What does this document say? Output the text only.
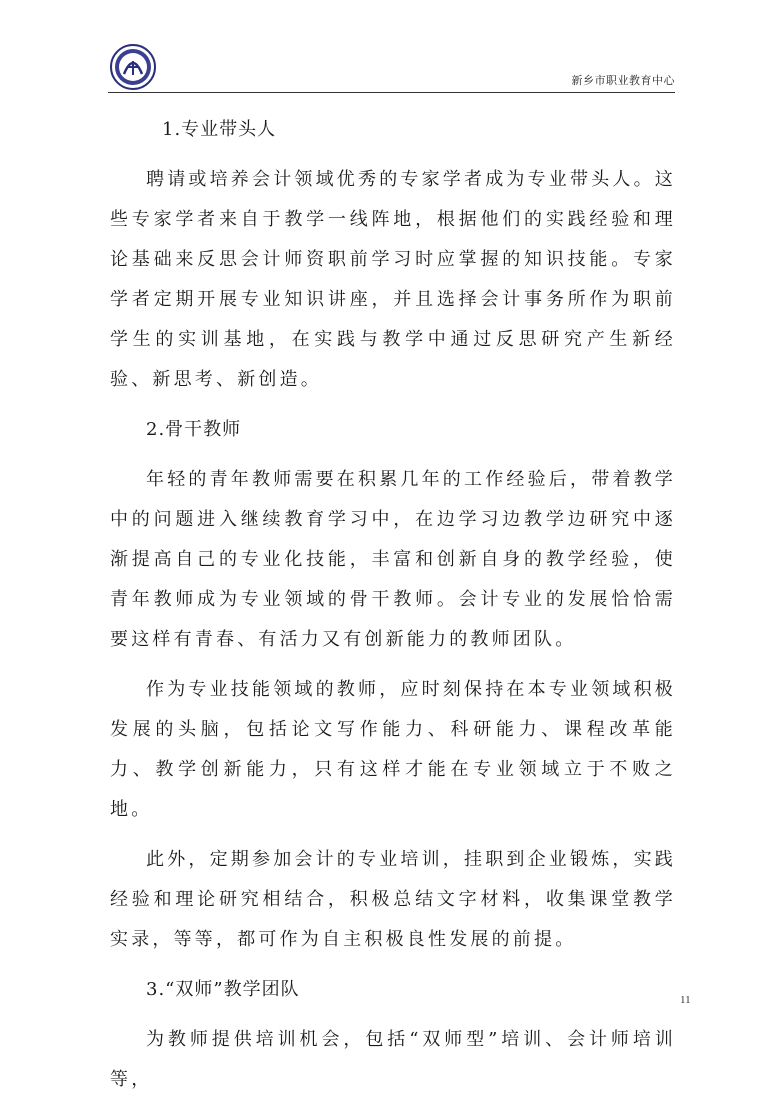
新乡市职业教育中心
1.专业带头人

聘请或培养会计领域优秀的专家学者成为专业带头人。这些专家学者来自于教学一线阵地，根据他们的实践经验和理论基础来反思会计师资职前学习时应掌握的知识技能。专家学者定期开展专业知识讲座，并且选择会计事务所作为职前学生的实训基地，在实践与教学中通过反思研究产生新经验、新思考、新创造。

2.骨干教师

年轻的青年教师需要在积累几年的工作经验后，带着教学中的问题进入继续教育学习中，在边学习边教学边研究中逐渐提高自己的专业化技能，丰富和创新自身的教学经验，使青年教师成为专业领域的骨干教师。会计专业的发展恰恰需要这样有青春、有活力又有创新能力的教师团队。

作为专业技能领域的教师，应时刻保持在本专业领域积极发展的头脑，包括论文写作能力、科研能力、课程改革能力、教学创新能力，只有这样才能在专业领域立于不败之地。

此外，定期参加会计的专业培训，挂职到企业锻炼，实践经验和理论研究相结合，积极总结文字材料，收集课堂教学实录，等等，都可作为自主积极良性发展的前提。

3.“双师”教学团队

为教师提供培训机会，包括“双师型”培训、会计师培训等，

11
